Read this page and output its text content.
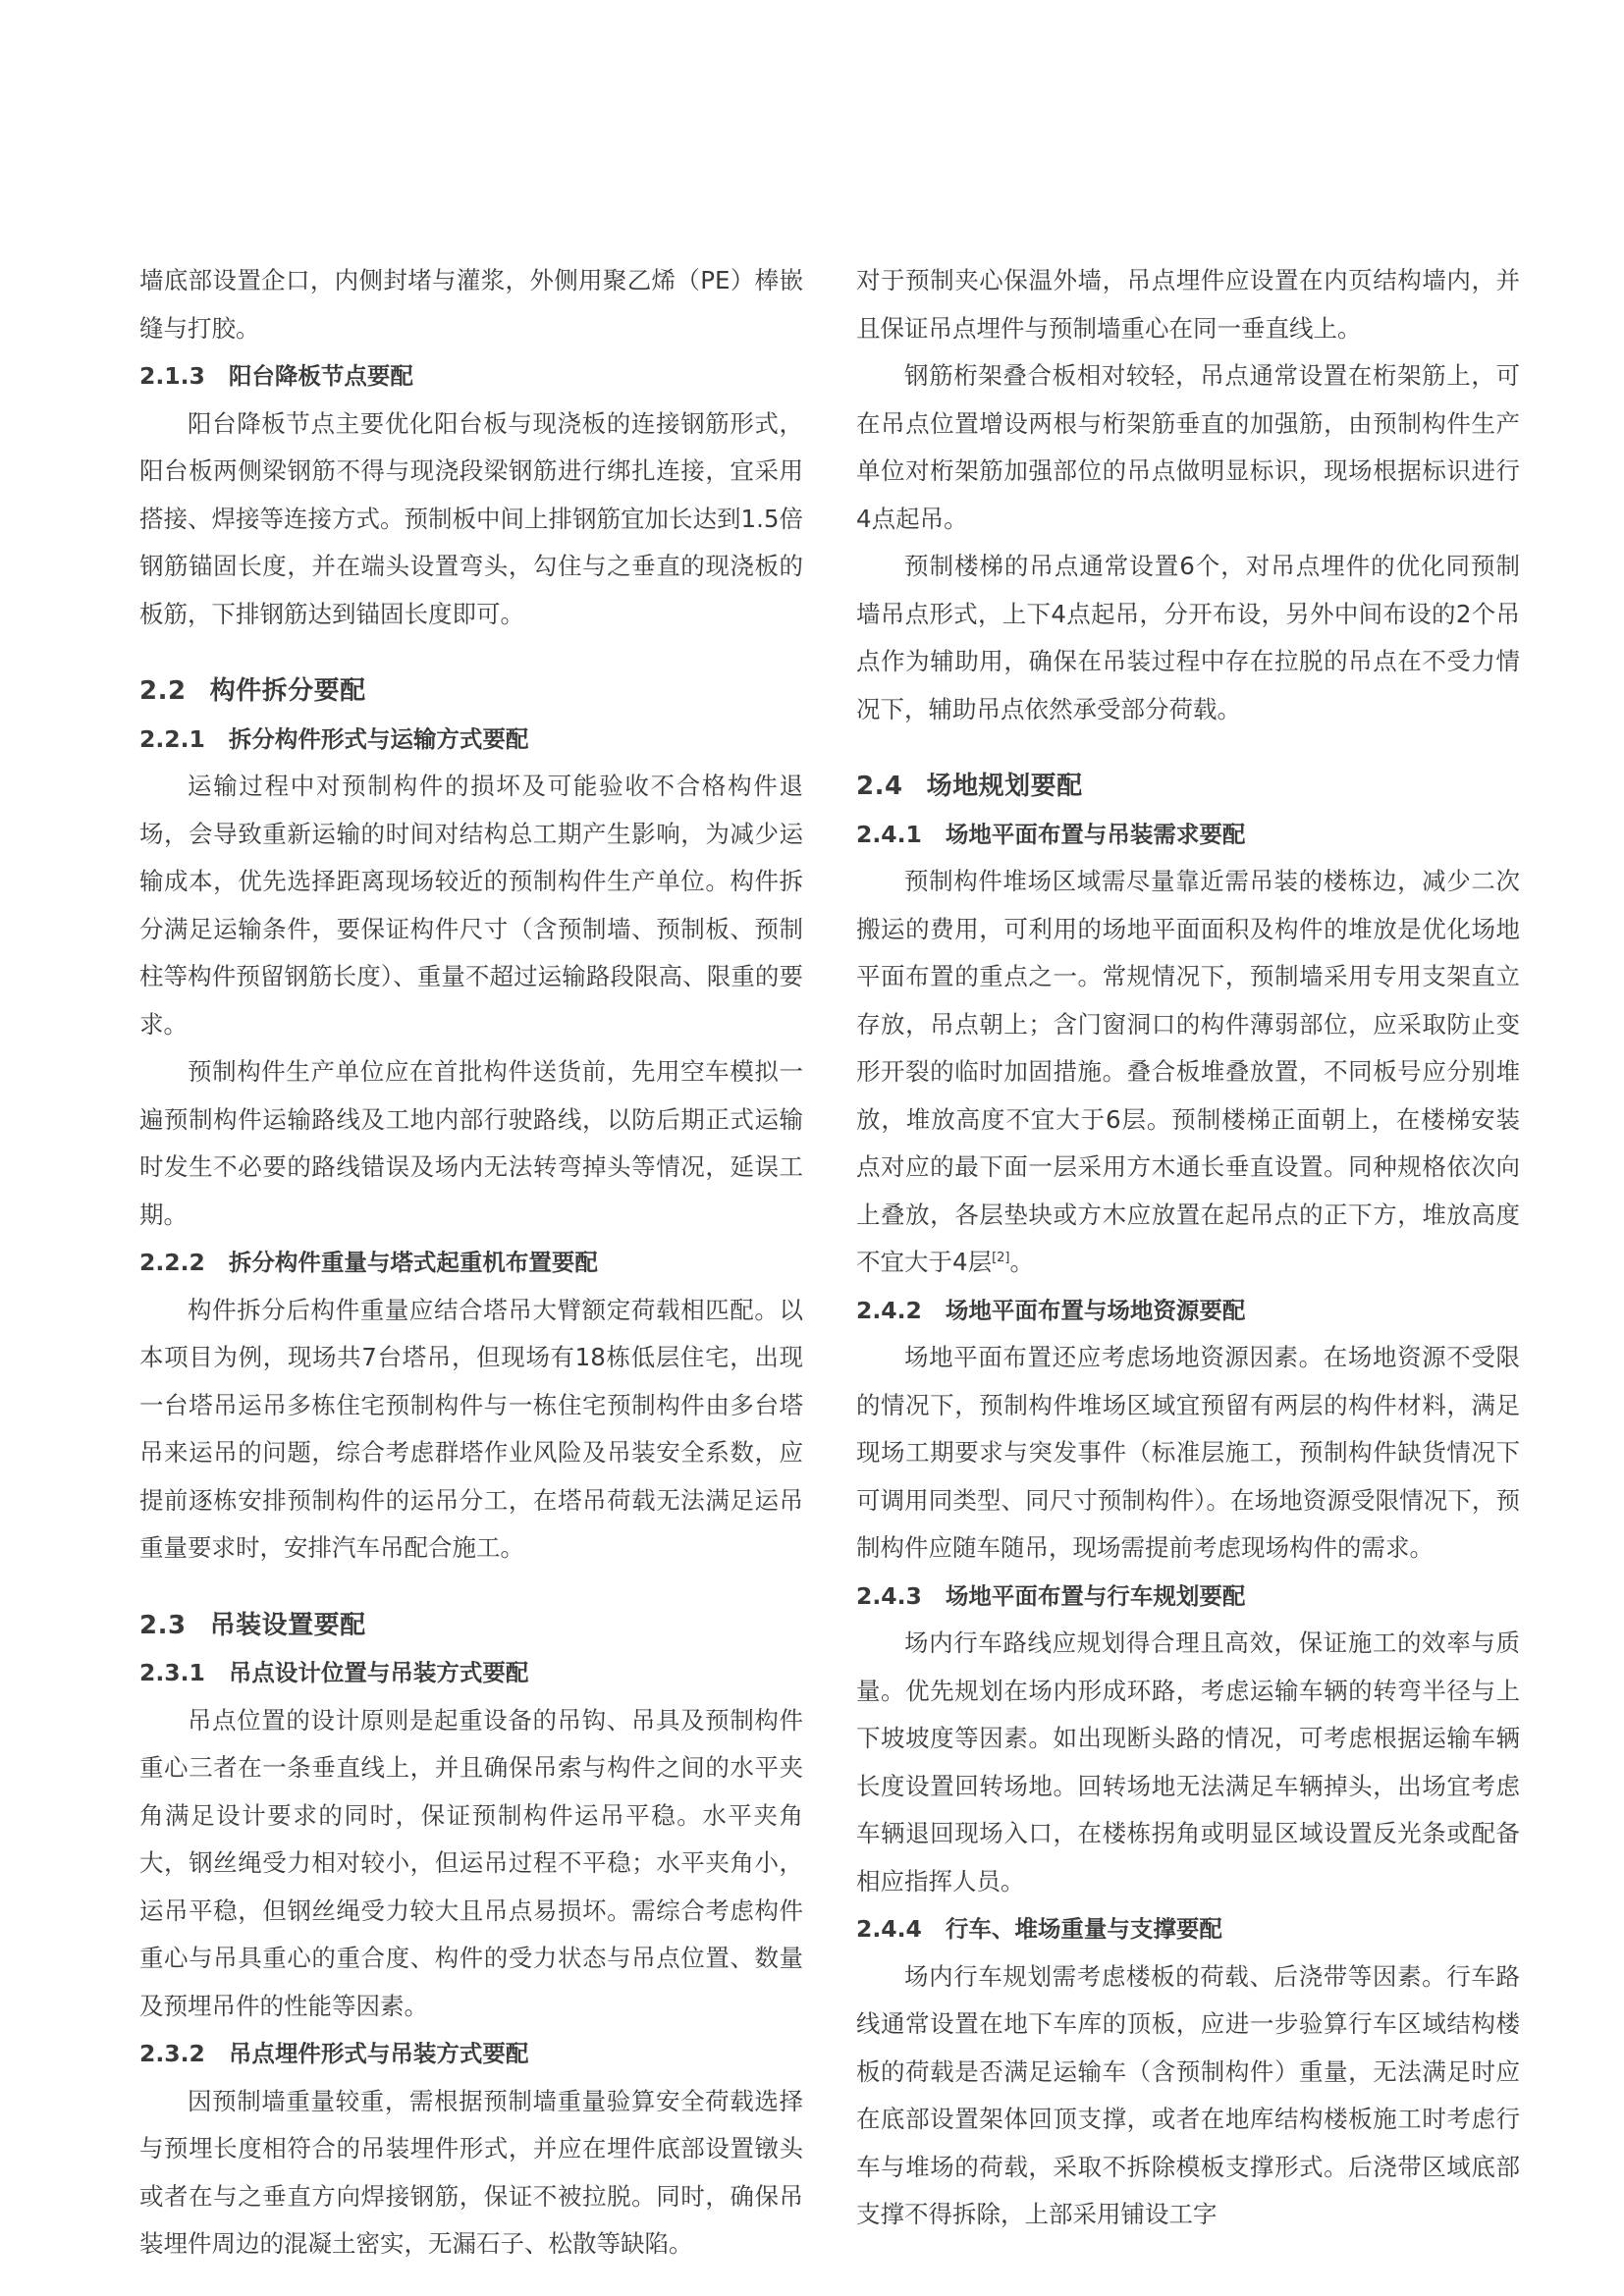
墙底部设置企口，内侧封堵与灌浆，外侧用聚乙烯（PE）棒嵌缝与打胶。

2.1.3 阳台降板节点要配

阳台降板节点主要优化阳台板与现浇板的连接钢筋形式，阳台板两侧梁钢筋不得与现浇段梁钢筋进行绑扎连接，宜采用搭接、焊接等连接方式。预制板中间上排钢筋宜加长达到1.5倍钢筋锚固长度，并在端头设置弯头，勾住与之垂直的现浇板的板筋，下排钢筋达到锚固长度即可。

2.2 构件拆分要配
2.2.1 拆分构件形式与运输方式要配

运输过程中对预制构件的损坏及可能验收不合格构件退场，会导致重新运输的时间对结构总工期产生影响，为减少运输成本，优先选择距离现场较近的预制构件生产单位。构件拆分满足运输条件，要保证构件尺寸（含预制墙、预制板、预制柱等构件预留钢筋长度）、重量不超过运输路段限高、限重的要求。

预制构件生产单位应在首批构件送货前，先用空车模拟一遍预制构件运输路线及工地内部行驶路线，以防后期正式运输时发生不必要的路线错误及场内无法转弯掉头等情况，延误工期。

2.2.2 拆分构件重量与塔式起重机布置要配

构件拆分后构件重量应结合塔吊大臂额定荷载相匹配。以本项目为例，现场共7台塔吊，但现场有18栋低层住宅，出现一台塔吊运吊多栋住宅预制构件与一栋住宅预制构件由多台塔吊来运吊的问题，综合考虑群塔作业风险及吊装安全系数，应提前逐栋安排预制构件的运吊分工，在塔吊荷载无法满足运吊重量要求时，安排汽车吊配合施工。

2.3 吊装设置要配
2.3.1 吊点设计位置与吊装方式要配

吊点位置的设计原则是起重设备的吊钩、吊具及预制构件重心三者在一条垂直线上，并且确保吊索与构件之间的水平夹角满足设计要求的同时，保证预制构件运吊平稳。水平夹角大，钢丝绳受力相对较小，但运吊过程不平稳；水平夹角小，运吊平稳，但钢丝绳受力较大且吊点易损坏。需综合考虑构件重心与吊具重心的重合度、构件的受力状态与吊点位置、数量及预埋吊件的性能等因素。

2.3.2 吊点埋件形式与吊装方式要配

因预制墙重量较重，需根据预制墙重量验算安全荷载选择与预埋长度相符合的吊装埋件形式，并应在埋件底部设置镦头或者在与之垂直方向焊接钢筋，保证不被拉脱。同时，确保吊装埋件周边的混凝土密实，无漏石子、松散等缺陷。

对于预制夹心保温外墙，吊点埋件应设置在内页结构墙内，并且保证吊点埋件与预制墙重心在同一垂直线上。

钢筋桁架叠合板相对较轻，吊点通常设置在桁架筋上，可在吊点位置增设两根与桁架筋垂直的加强筋，由预制构件生产单位对桁架筋加强部位的吊点做明显标识，现场根据标识进行4点起吊。

预制楼梯的吊点通常设置6个，对吊点埋件的优化同预制墙吊点形式，上下4点起吊，分开布设，另外中间布设的2个吊点作为辅助用，确保在吊装过程中存在拉脱的吊点在不受力情况下，辅助吊点依然承受部分荷载。

2.4 场地规划要配
2.4.1 场地平面布置与吊装需求要配

预制构件堆场区域需尽量靠近需吊装的楼栋边，减少二次搬运的费用，可利用的场地平面面积及构件的堆放是优化场地平面布置的重点之一。常规情况下，预制墙采用专用支架直立存放，吊点朝上；含门窗洞口的构件薄弱部位，应采取防止变形开裂的临时加固措施。叠合板堆叠放置，不同板号应分别堆放，堆放高度不宜大于6层。预制楼梯正面朝上，在楼梯安装点对应的最下面一层采用方木通长垂直设置。同种规格依次向上叠放，各层垫块或方木应放置在起吊点的正下方，堆放高度不宜大于4层[2]。

2.4.2 场地平面布置与场地资源要配

场地平面布置还应考虑场地资源因素。在场地资源不受限的情况下，预制构件堆场区域宜预留有两层的构件材料，满足现场工期要求与突发事件（标准层施工，预制构件缺货情况下可调用同类型、同尺寸预制构件）。在场地资源受限情况下，预制构件应随车随吊，现场需提前考虑现场构件的需求。

2.4.3 场地平面布置与行车规划要配

场内行车路线应规划得合理且高效，保证施工的效率与质量。优先规划在场内形成环路，考虑运输车辆的转弯半径与上下坡坡度等因素。如出现断头路的情况，可考虑根据运输车辆长度设置回转场地。回转场地无法满足车辆掉头，出场宜考虑车辆退回现场入口，在楼栋拐角或明显区域设置反光条或配备相应指挥人员。

2.4.4 行车、堆场重量与支撑要配

场内行车规划需考虑楼板的荷载、后浇带等因素。行车路线通常设置在地下车库的顶板，应进一步验算行车区域结构楼板的荷载是否满足运输车（含预制构件）重量，无法满足时应在底部设置架体回顶支撑，或者在地库结构楼板施工时考虑行车与堆场的荷载，采取不拆除模板支撑形式。后浇带区域底部支撑不得拆除，上部采用铺设工字
